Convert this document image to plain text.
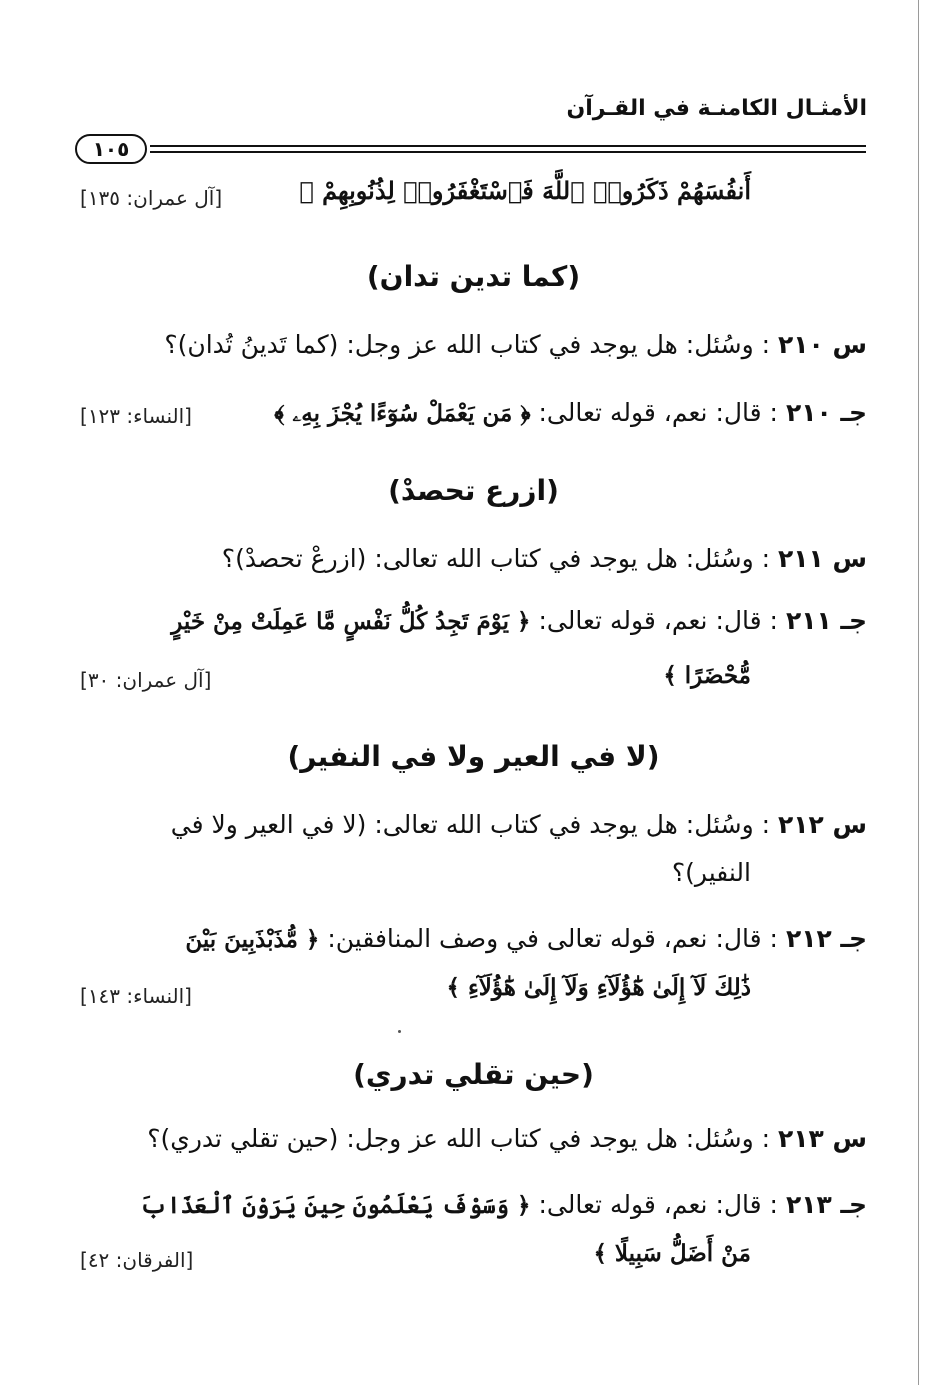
الأمثـال الكامنـة في القـرآن
١٠٥
أَنفُسَهُمْ ذَكَرُوا۟ ٱللَّهَ فَٱسْتَغْفَرُوا۟ لِذُنُوبِهِمْ ﴾
[آل عمران: ١٣٥]
(كما تدين تدان)
س ٢١٠ : وسُئل: هل يوجد في كتاب الله عز وجل: (كما تَدينُ تُدان)؟
جـ ٢١٠ : قال: نعم، قوله تعالى: ﴿ مَن يَعْمَلْ سُوٓءًا يُجْزَ بِهِۦ ﴾
[النساء: ١٢٣]
(ازرع تحصدْ)
س ٢١١ : وسُئل: هل يوجد في كتاب الله تعالى: (ازرعْ تحصدْ)؟
جـ ٢١١ : قال: نعم، قوله تعالى: ﴿ يَوْمَ تَجِدُ كُلُّ نَفْسٍ مَّا عَمِلَتْ مِنْ خَيْرٍ
مُّحْضَرًا ﴾
[آل عمران: ٣٠]
(لا في العير ولا في النفير)
س ٢١٢ : وسُئل: هل يوجد في كتاب الله تعالى: (لا في العير ولا في
النفير)؟
جـ ٢١٢ : قال: نعم، قوله تعالى في وصف المنافقين: ﴿ مُّذَبْذَبِينَ بَيْنَ
ذَٰلِكَ لَآ إِلَىٰ هَٰٓؤُلَآءِ وَلَآ إِلَىٰ هَٰٓؤُلَآءِ ﴾
[النساء: ١٤٣]
(حين تقلي تدري)
س ٢١٣ : وسُئل: هل يوجد في كتاب الله عز وجل: (حين تقلي تدري)؟
جـ ٢١٣ : قال: نعم، قوله تعالى: ﴿ وَسَوْفَ يَعْلَمُونَ حِينَ يَرَوْنَ ٱلْعَذَابَ
مَنْ أَضَلُّ سَبِيلًا ﴾
[الفرقان: ٤٢]
